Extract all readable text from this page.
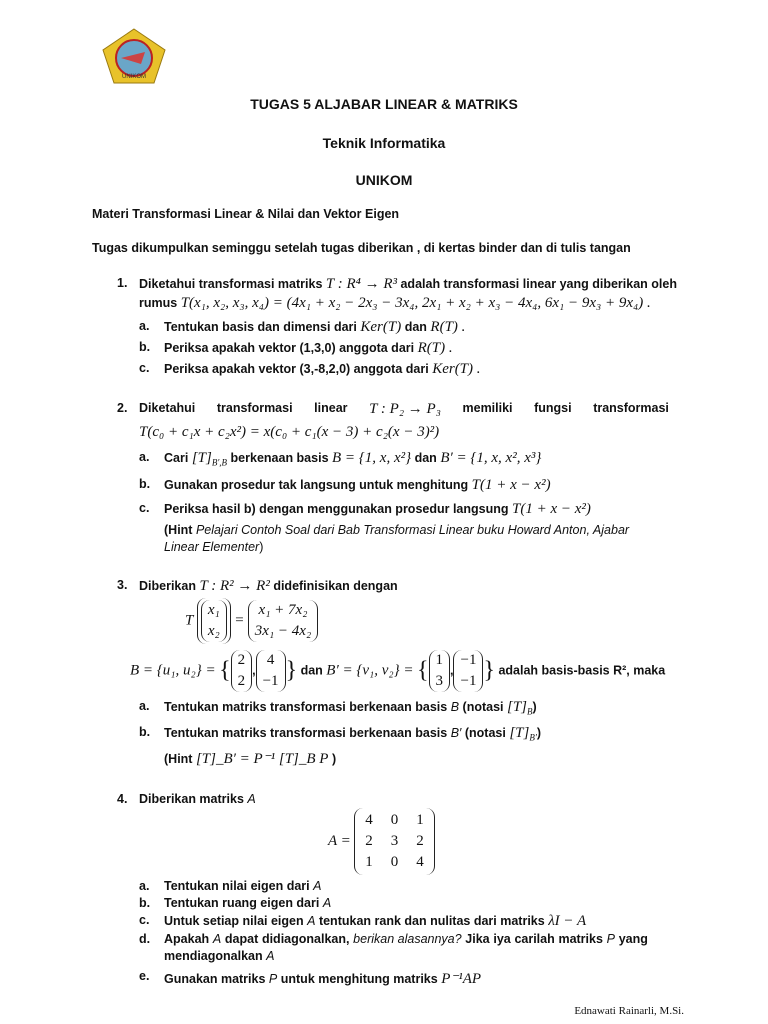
UNIKOM
TUGAS 5 ALJABAR LINEAR & MATRIKS
Teknik Informatika
UNIKOM
Materi Transformasi Linear & Nilai dan Vektor Eigen
Tugas dikumpulkan seminggu setelah tugas diberikan , di kertas binder dan di tulis tangan
1. Diketahui transformasi matriks T : R⁴ → R³ adalah transformasi linear yang diberikan oleh
rumus T(x₁, x₂, x₃, x₄) = (4x₁ + x₂ − 2x₃ − 3x₄, 2x₁ + x₂ + x₃ − 4x₄, 6x₁ − 9x₃ + 9x₄) .
a. Tentukan basis dan dimensi dari Ker(T) dan R(T) .
b. Periksa apakah vektor (1,3,0) anggota dari R(T) .
c. Periksa apakah vektor (3,-8,2,0) anggota dari Ker(T) .
2. Diketahui transformasi linear T : P₂ → P₃ memiliki fungsi transformasi
T(c₀ + c₁x + c₂x²) = x(c₀ + c₁(x − 3) + c₂(x − 3)²)
a. Cari $[T]_{B',B}$ berkenaan basis B = {1, x, x²} dan B′ = {1, x, x², x³}
b. Gunakan prosedur tak langsung untuk menghitung T(1 + x − x²)
c. Periksa hasil b) dengan menggunakan prosedur langsung T(1 + x − x²)
(Hint Pelajari Contoh Soal dari Bab Transformasi Linear buku Howard Anton, Ajabar
Linear Elementer)
3. Diberikan T : R² → R² didefinisikan dengan
T
x₁
x₂
=
x₁ + 7x₂
3x₁ − 4x₂
B = {u₁, u₂} = { 2
2
,
4
−1 } dan B′ = {v₁, v₂} = { 1
3
,
−1
−1 } adalah basis-basis R², maka
a. Tentukan matriks transformasi berkenaan basis B (notasi $[T]_B$)
b. Tentukan matriks transformasi berkenaan basis B′ (notasi $[T]_{B'}$)
(Hint [T]_B′ = P⁻¹ [T]_B P )
4. Diberikan matriks A
A =
4 0 1
2 3 2
1 0 4
a. Tentukan nilai eigen dari A
b. Tentukan ruang eigen dari A
c. Untuk setiap nilai eigen A tentukan rank dan nulitas dari matriks λI − A
d. Apakah A dapat didiagonalkan, berikan alasannya? Jika iya carilah matriks P yang
mendiagonalkan A
e. Gunakan matriks P untuk menghitung matriks P⁻¹AP
Ednawati Rainarli, M.Si.
